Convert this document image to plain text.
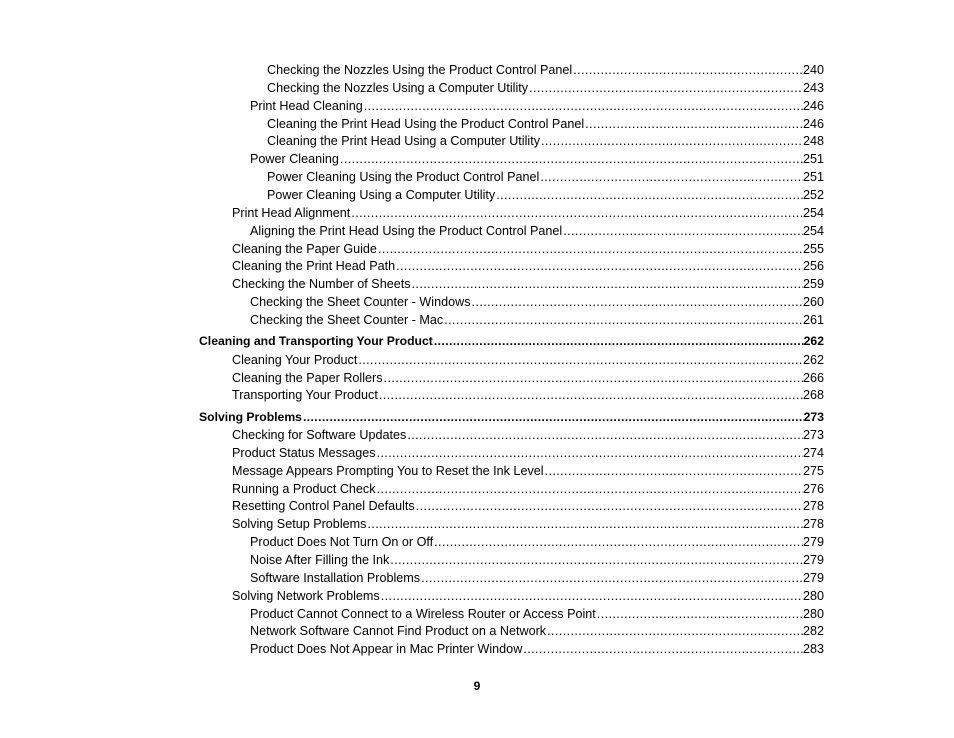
Checking the Nozzles Using the Product Control Panel .....	240
Checking the Nozzles Using a Computer Utility .....	243
Print Head Cleaning .....	246
Cleaning the Print Head Using the Product Control Panel .....	246
Cleaning the Print Head Using a Computer Utility .....	248
Power Cleaning .....	251
Power Cleaning Using the Product Control Panel .....	251
Power Cleaning Using a Computer Utility .....	252
Print Head Alignment .....	254
Aligning the Print Head Using the Product Control Panel .....	254
Cleaning the Paper Guide .....	255
Cleaning the Print Head Path .....	256
Checking the Number of Sheets .....	259
Checking the Sheet Counter - Windows .....	260
Checking the Sheet Counter - Mac .....	261
Cleaning and Transporting Your Product .....	262
Cleaning Your Product .....	262
Cleaning the Paper Rollers .....	266
Transporting Your Product .....	268
Solving Problems .....	273
Checking for Software Updates .....	273
Product Status Messages .....	274
Message Appears Prompting You to Reset the Ink Level .....	275
Running a Product Check .....	276
Resetting Control Panel Defaults .....	278
Solving Setup Problems .....	278
Product Does Not Turn On or Off .....	279
Noise After Filling the Ink .....	279
Software Installation Problems .....	279
Solving Network Problems .....	280
Product Cannot Connect to a Wireless Router or Access Point .....	280
Network Software Cannot Find Product on a Network .....	282
Product Does Not Appear in Mac Printer Window .....	283
9
